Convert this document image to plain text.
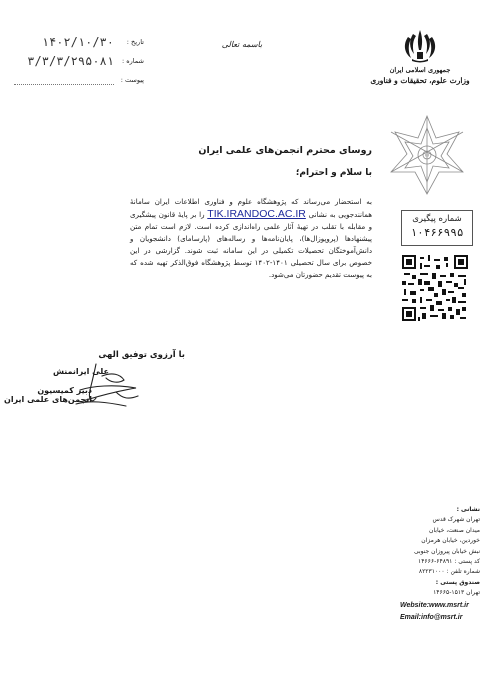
باسمه تعالی
تاریخ :
۱۴۰۲/۱۰/۳۰
شماره :
۳/۳/۳/۲۹۵۰۸۱
پیوست :
جمهوری اسلامی ایران
وزارت علوم، تحقیقات و فناوری
روسای محترم انجمن‌های علمی ایران
با سلام و احترام؛
به استحضار می‌رساند که پژوهشگاه علوم و فناوری اطلاعات ایران سامانهٔ همانندجویی به نشانی TIK.IRANDOC.AC.IR را بر پایهٔ قانون پیشگیری و مقابله با تقلب در تهیهٔ آثار علمی راه‌اندازی کرده است. لازم است تمام متن پیشنهادها (پروپوزال‌ها)، پایان‌نامه‌ها و رساله‌های (پارسامای) دانشجویان و دانش‌آموختگان تحصیلات تکمیلی در این سامانه ثبت شوند. گزارشی در این خصوص برای سال تحصیلی ۱۴۰۱-۱۴۰۲ توسط پژوهشگاه فوق‌الذکر تهیه شده که به پیوست تقدیم حضورتان می‌شود.
شماره پیگیری
۱۰۴۶۶۹۹۵
با آرزوی توفیق الهی
علی ایرانمنش
دبیر کمیسیون انجمن‌های علمی ایران
نشانی :
تهران شهرک قدس
میدان صنعت، خیابان
خوردین، خیابان هرمزان
نبش خیابان پیروزان جنوبی
کد پستی : ۶۴۸۹۱-۱۴۶۶۶
شماره تلفن : ۸۲۲۳۱۰۰۰
صندوق پستی :
تهران ۱۵۱۳-۱۴۶۶۵
Website:www.msrt.ir
Email:info@msrt.ir
